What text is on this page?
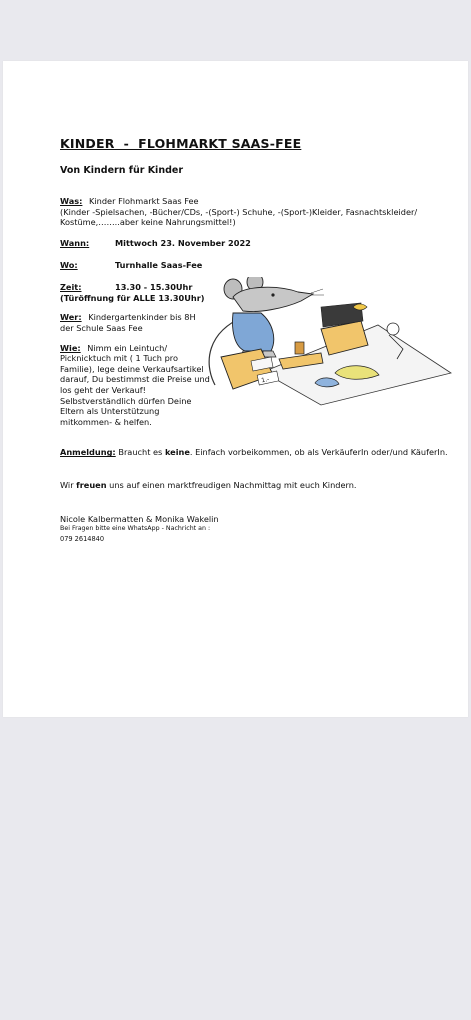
KINDER  -  FLOHMARKT SAAS-FEE

Von Kindern für Kinder
Was: Kinder Flohmarkt Saas Fee
(Kinder -Spielsachen, -Bücher/CDs, -(Sport-) Schuhe, -(Sport-)Kleider, Fasnachtskleider/
Kostüme,……..aber keine Nahrungsmittel!)
Wann:	Mittwoch 23. November 2022
Wo:	Turnhalle Saas-Fee
Zeit:	13.30 - 15.30Uhr
(Türöffnung für ALLE 13.30Uhr)
Wer: Kindergartenkinder bis 8H
der Schule Saas Fee
Wie: Nimm ein Leintuch/
Picknicktuch mit ( 1 Tuch pro
Familie), lege deine Verkaufsartikel
darauf, Du bestimmst die Preise und
los geht der Verkauf!
Selbstverständlich dürfen Deine
Eltern als Unterstützung
mitkommen- & helfen.
Anmeldung: Braucht es keine. Einfach vorbeikommen, ob als VerkäuferIn oder/und KäuferIn.
Wir freuen uns auf einen marktfreudigen Nachmittag mit euch Kindern.
Nicole Kalbermatten & Monika Wakelin
Bei Fragen bitte eine WhatsApp - Nachricht an :
079 2614840
1.-
